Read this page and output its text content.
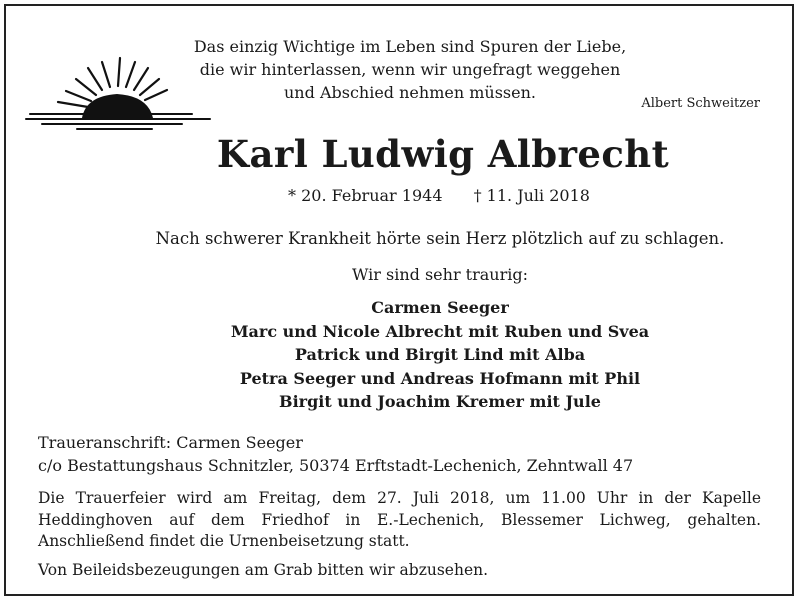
Das einzig Wichtige im Leben sind Spuren der Liebe,
die wir hinterlassen, wenn wir ungefragt weggehen
und Abschied nehmen müssen.
Albert Schweitzer
Karl Ludwig Albrecht
* 20. Februar 1944 † 11. Juli 2018
Nach schwerer Krankheit hörte sein Herz plötzlich auf zu schlagen.
Wir sind sehr traurig:
Carmen Seeger
Marc und Nicole Albrecht mit Ruben und Svea
Patrick und Birgit Lind mit Alba
Petra Seeger und Andreas Hofmann mit Phil
Birgit und Joachim Kremer mit Jule
Traueranschrift: Carmen Seeger
c/o Bestattungshaus Schnitzler, 50374 Erftstadt-Lechenich, Zehntwall 47
Die Trauerfeier wird am Freitag, dem 27. Juli 2018, um 11.00 Uhr in der Kapelle
Heddinghoven auf dem Friedhof in E.-Lechenich, Blessemer Lichweg, gehalten.
Anschließend findet die Urnenbeisetzung statt.
Von Beileidsbezeugungen am Grab bitten wir abzusehen.
